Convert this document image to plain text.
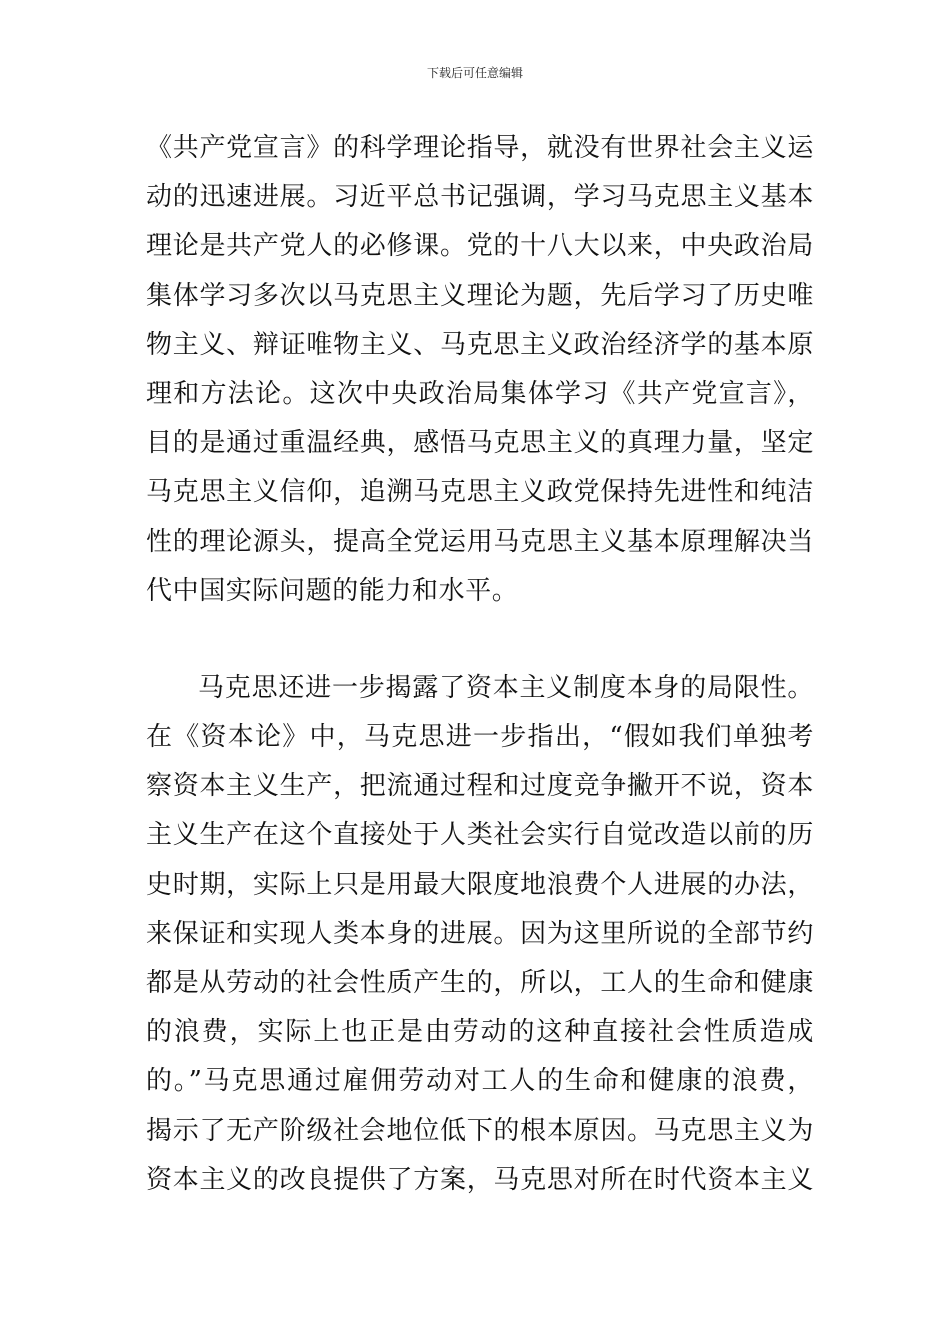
下载后可任意编辑
《共产党宣言》的科学理论指导，就没有世界社会主义运
动的迅速进展。习近平总书记强调，学习马克思主义基本
理论是共产党人的必修课。党的十八大以来，中央政治局
集体学习多次以马克思主义理论为题，先后学习了历史唯
物主义、辩证唯物主义、马克思主义政治经济学的基本原
理和方法论。这次中央政治局集体学习《共产党宣言》，
目的是通过重温经典，感悟马克思主义的真理力量，坚定
马克思主义信仰，追溯马克思主义政党保持先进性和纯洁
性的理论源头，提高全党运用马克思主义基本原理解决当
代中国实际问题的能力和水平。
马克思还进一步揭露了资本主义制度本身的局限性。
在《资本论》中，马克思进一步指出，“假如我们单独考
察资本主义生产，把流通过程和过度竞争撇开不说，资本
主义生产在这个直接处于人类社会实行自觉改造以前的历
史时期，实际上只是用最大限度地浪费个人进展的办法，
来保证和实现人类本身的进展。因为这里所说的全部节约
都是从劳动的社会性质产生的，所以，工人的生命和健康
的浪费，实际上也正是由劳动的这种直接社会性质造成
的。”马克思通过雇佣劳动对工人的生命和健康的浪费，
揭示了无产阶级社会地位低下的根本原因。马克思主义为
资本主义的改良提供了方案，马克思对所在时代资本主义
